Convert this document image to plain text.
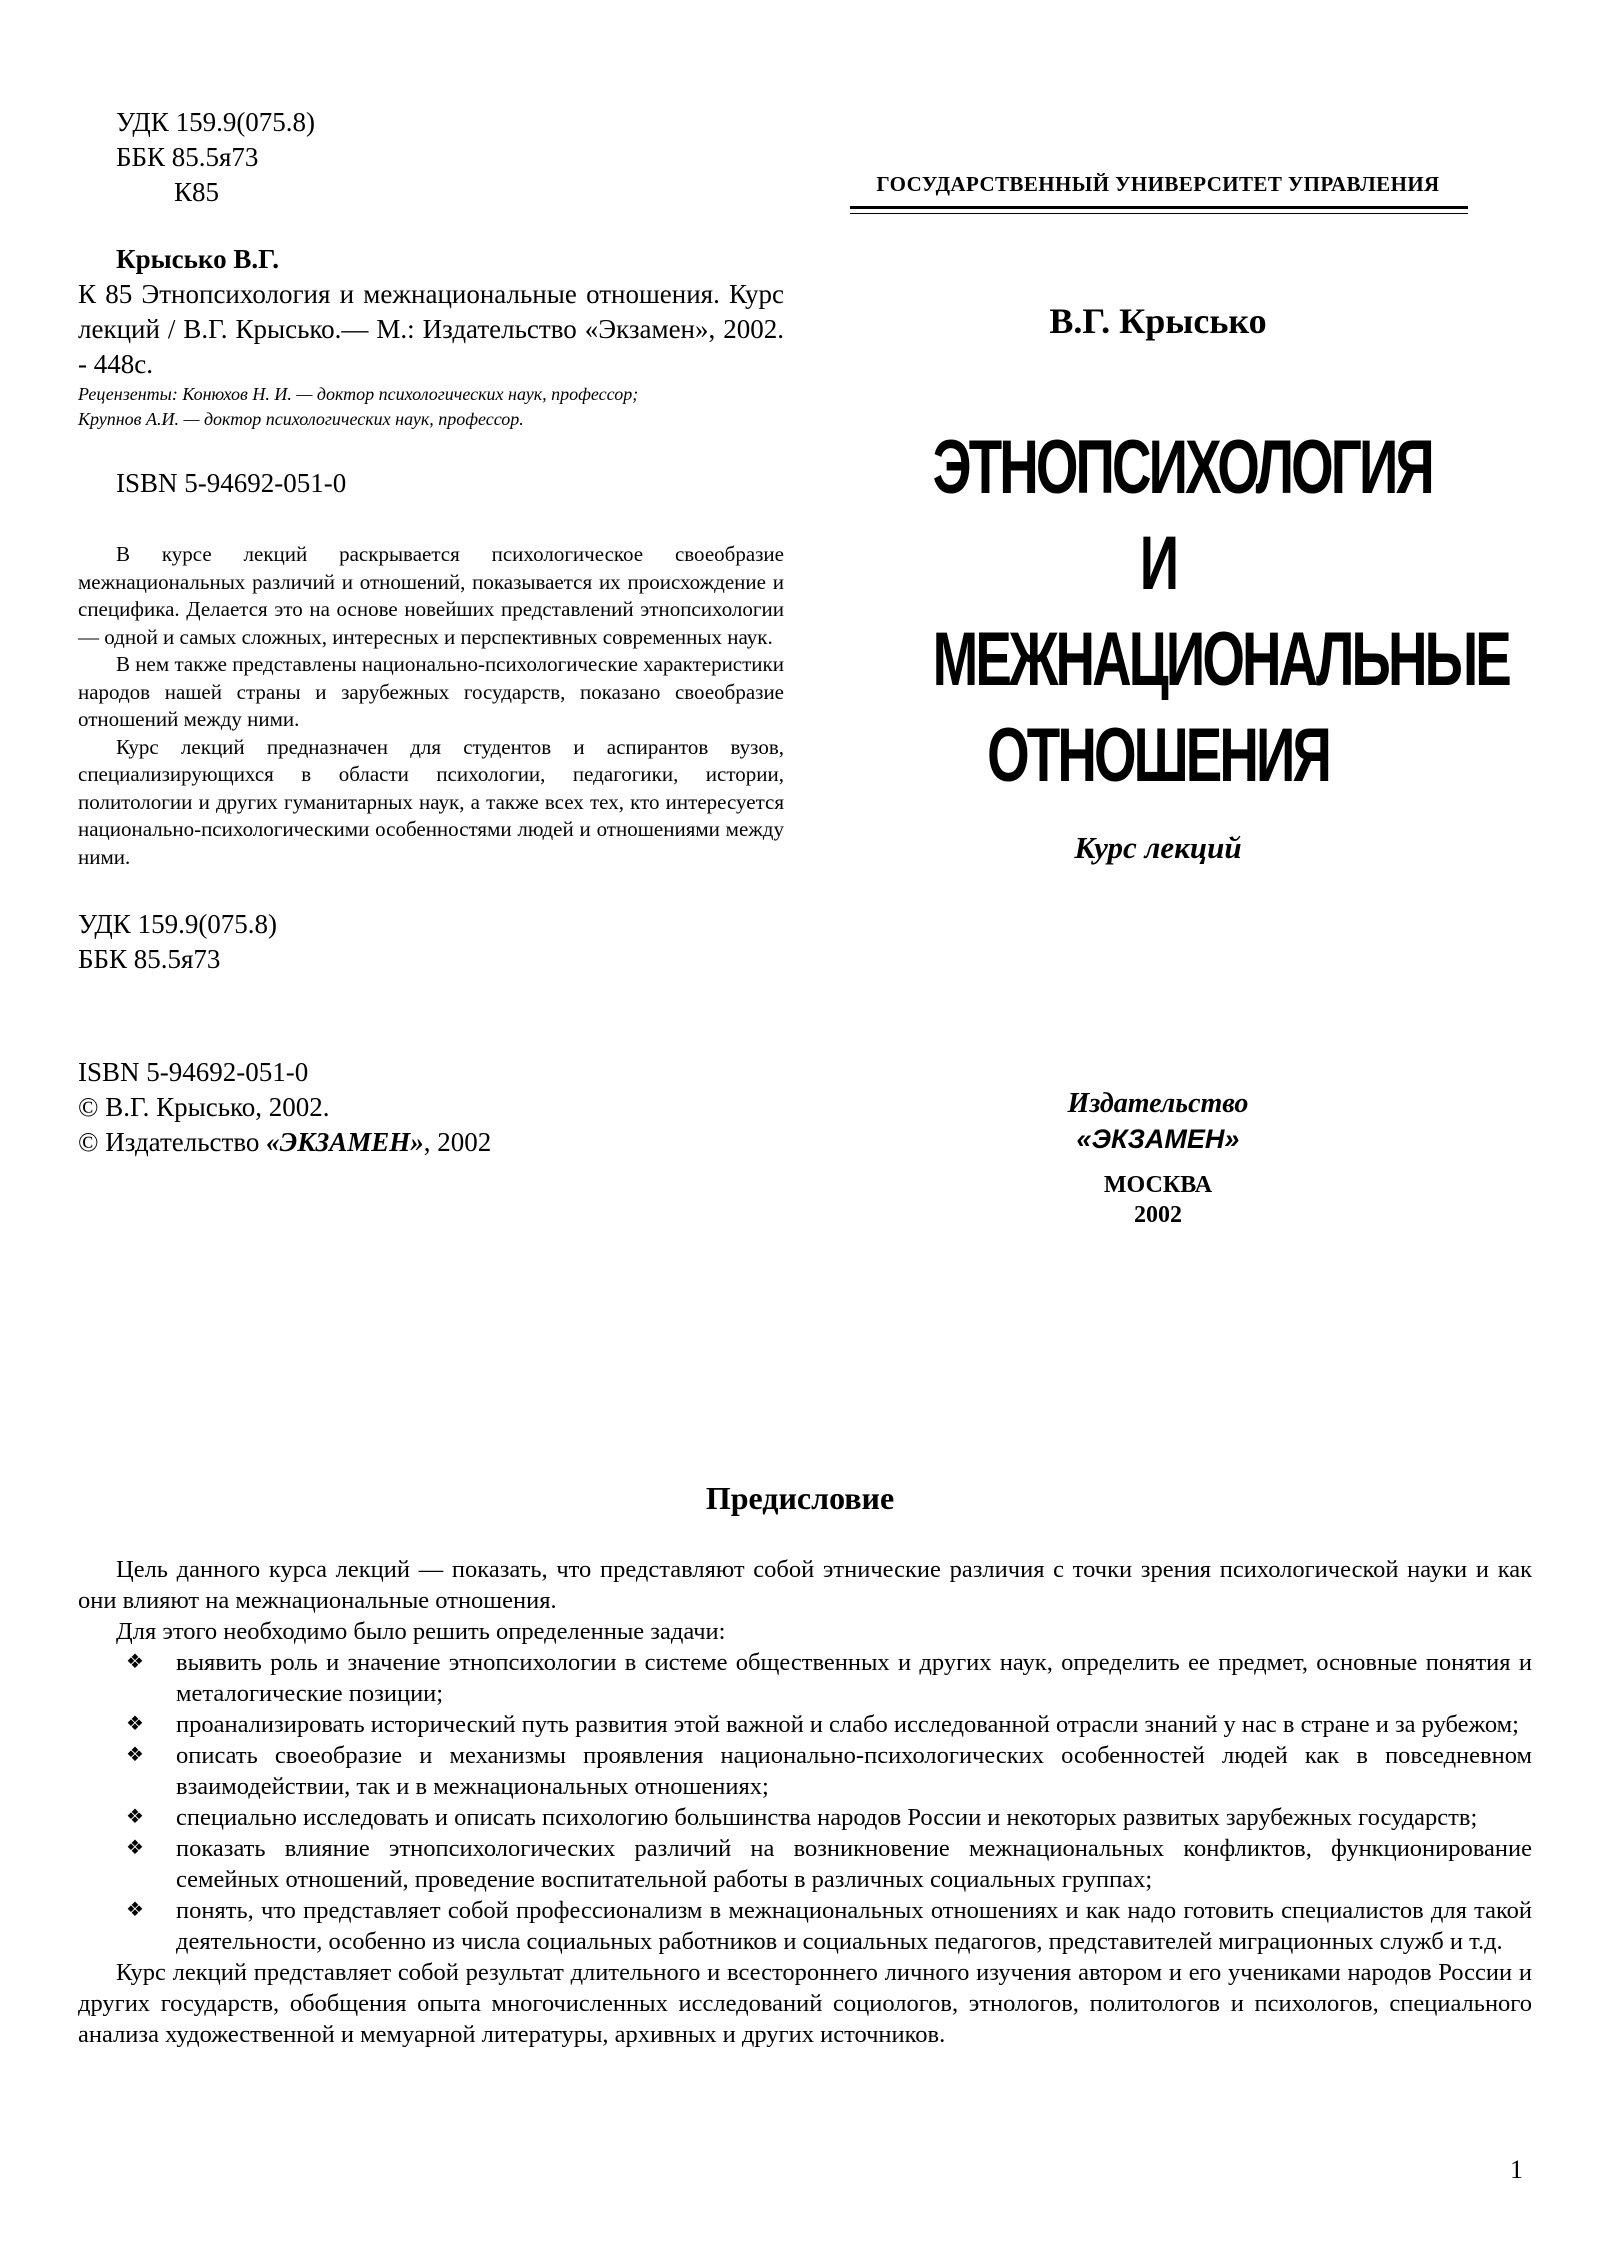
УДК 159.9(075.8)
ББК 85.5я73
К85
Крысько В.Г.
К 85 Этнопсихология и межнациональные отношения. Курс лекций / В.Г. Крысько.— М.: Издательство «Экзамен», 2002. - 448с.
Рецензенты: Конюхов Н. И. — доктор психологических наук, профессор;
Крупнов А.И. — доктор психологических наук, профессор.
ISBN 5-94692-051-0

В курсе лекций раскрывается психологическое своеобразие межнациональных различий и отношений, показывается их происхождение и специфика. Делается это на основе новейших представлений этнопсихологии — одной и самых сложных, интересных и перспективных современных наук.

В нем также представлены национально-психологические характеристики народов нашей страны и зарубежных государств, показано своеобразие отношений между ними.

Курс лекций предназначен для студентов и аспирантов вузов, специализирующихся в области психологии, педагогики, истории, политологии и других гуманитарных наук, а также всех тех, кто интересуется национально-психологическими особенностями людей и отношениями между ними.

УДК 159.9(075.8)
ББК 85.5я73
ISBN 5-94692-051-0
© В.Г. Крысько, 2002.
© Издательство «ЭКЗАМЕН», 2002
ГОСУДАРСТВЕННЫЙ УНИВЕРСИТЕТ УПРАВЛЕНИЯ
В.Г. Крысько
ЭТНОПСИХОЛОГИЯ
И МЕЖНАЦИОНАЛЬНЫЕ
ОТНОШЕНИЯ
Курс лекций
Издательство
«ЭКЗАМЕН»
МОСКВА
2002
Предисловие

Цель данного курса лекций — показать, что представляют собой этнические различия с точки зрения психологической науки и как они влияют на межнациональные отношения.

Для этого необходимо было решить определенные задачи:

❖ выявить роль и значение этнопсихологии в системе общественных и других наук, определить ее предмет, основные понятия и металогические позиции;
❖ проанализировать исторический путь развития этой важной и слабо исследованной отрасли знаний у нас в стране и за рубежом;
❖ описать своеобразие и механизмы проявления национально-психологических особенностей людей как в повседневном взаимодействии, так и в межнациональных отношениях;
❖ специально исследовать и описать психологию большинства народов России и некоторых развитых зарубежных государств;
❖ показать влияние этнопсихологических различий на возникновение межнациональных конфликтов, функционирование семейных отношений, проведение воспитательной работы в различных социальных группах;
❖ понять, что представляет собой профессионализм в межнациональных отношениях и как надо готовить специалистов для такой деятельности, особенно из числа социальных работников и социальных педагогов, представителей миграционных служб и т.д.

Курс лекций представляет собой результат длительного и всестороннего личного изучения автором и его учениками народов России и других государств, обобщения опыта многочисленных исследований социологов, этнологов, политологов и психологов, специального анализа художественной и мемуарной литературы, архивных и других источников.

1
